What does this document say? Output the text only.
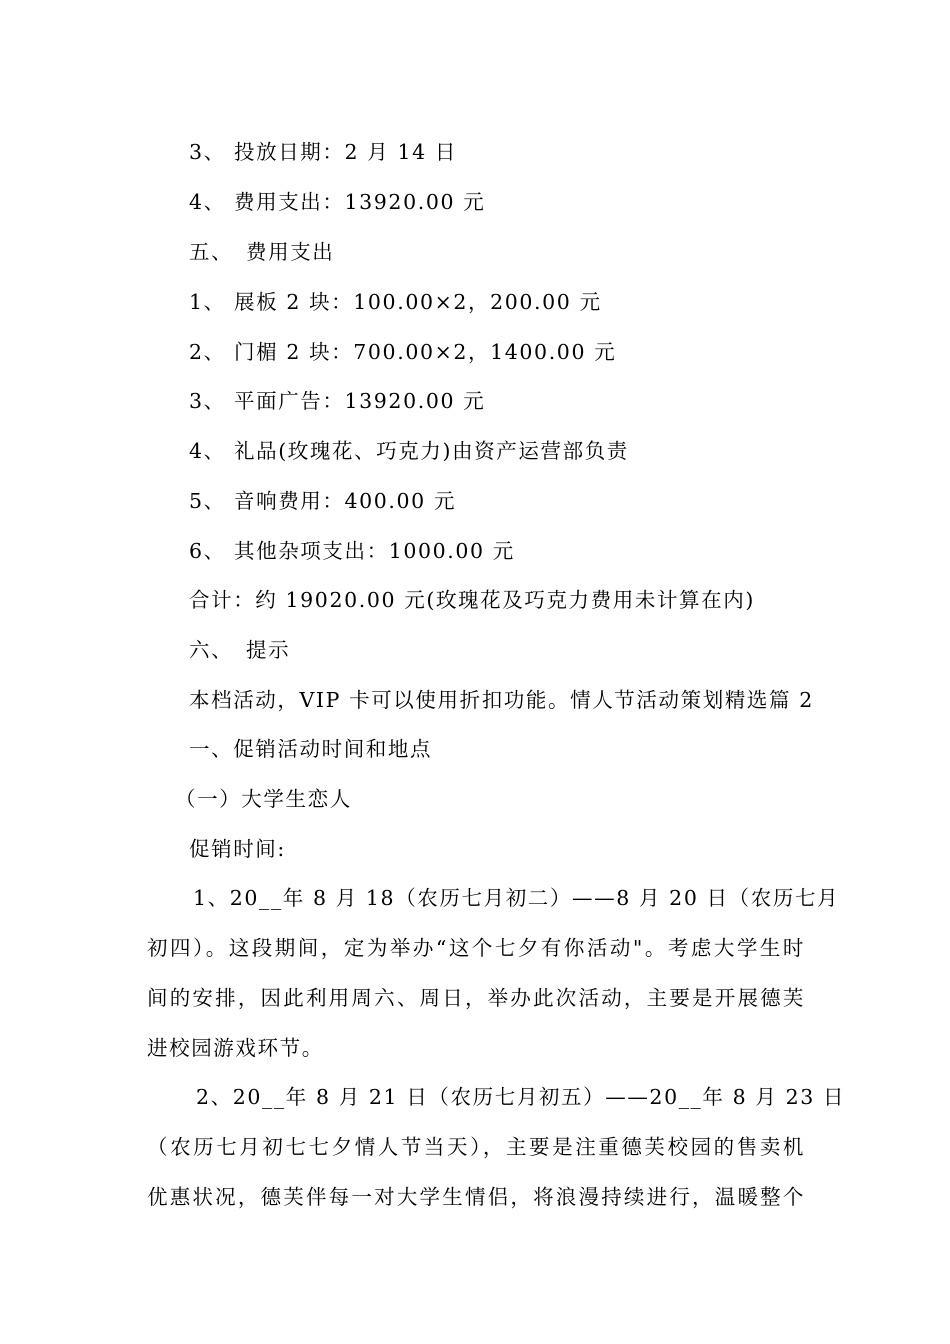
3、 投放日期：2 月 14 日
4、 费用支出：13920.00 元
五、 费用支出
1、 展板 2 块：100.00×2，200.00 元
2、 门楣 2 块：700.00×2，1400.00 元
3、 平面广告：13920.00 元
4、 礼品(玫瑰花、巧克力)由资产运营部负责
5、 音响费用：400.00 元
6、 其他杂项支出：1000.00 元
合计：约 19020.00 元(玫瑰花及巧克力费用未计算在内)
六、 提示
本档活动，VIP 卡可以使用折扣功能。情人节活动策划精选篇 2
一、促销活动时间和地点
（一）大学生恋人
促销时间:
1、20__年 8 月 18（农历七月初二）——8 月 20 日（农历七月
初四）。这段期间，定为举办“这个七夕有你活动"。考虑大学生时
间的安排，因此利用周六、周日，举办此次活动，主要是开展德芙
进校园游戏环节。
2、20__年 8 月 21 日（农历七月初五）——20__年 8 月 23 日
（农历七月初七七夕情人节当天），主要是注重德芙校园的售卖机
优惠状况，德芙伴每一对大学生情侣，将浪漫持续进行，温暖整个
